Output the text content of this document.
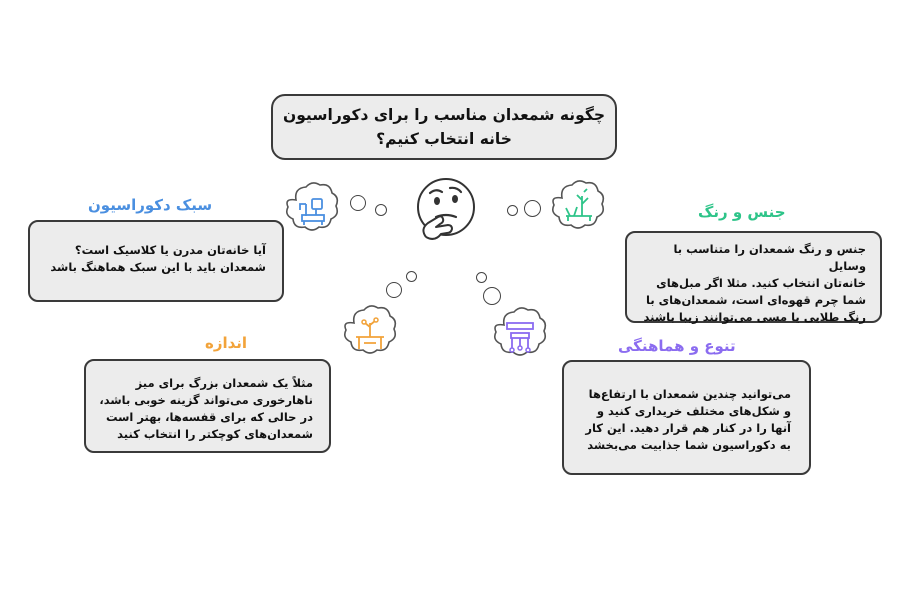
چگونه شمعدان مناسب را برای دکوراسیون
خانه انتخاب کنیم؟
سبک دکوراسیون	جنس و رنگ
اندازه	تنوع و هماهنگی
آیا خانه‌تان مدرن یا کلاسیک است؟
شمعدان باید با این سبک هماهنگ باشد
جنس و رنگ شمعدان را متناسب با وسایل
خانه‌تان انتخاب کنید. مثلا اگر مبل‌های
شما چرم قهوه‌ای است، شمعدان‌های با
رنگ طلایی یا مسی می‌توانند زیبا باشند
مثلاً یک شمعدان بزرگ برای میز
ناهارخوری می‌تواند گزینه خوبی باشد،
در حالی که برای قفسه‌ها، بهتر است
شمعدان‌های کوچکتر را انتخاب کنید
می‌توانید چندین شمعدان با ارتفاع‌ها
و شکل‌های مختلف خریداری کنید و
آنها را در کنار هم قرار دهید. این کار
به دکوراسیون شما جذابیت می‌بخشد
